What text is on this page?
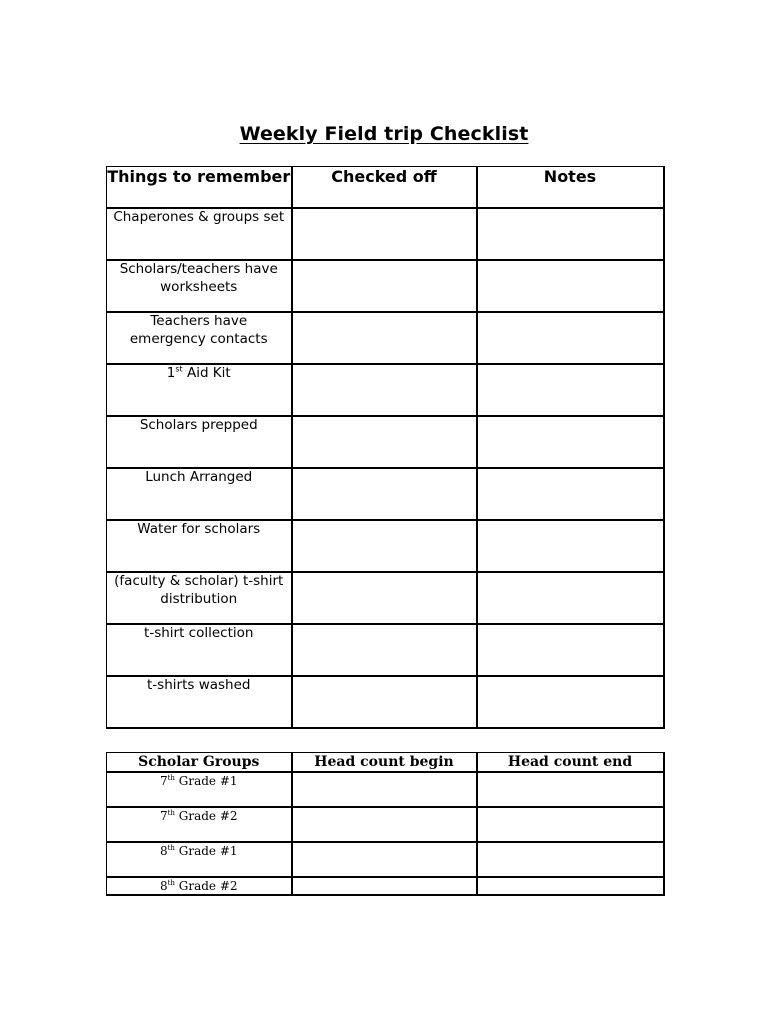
Weekly Field trip Checklist
Things to remember	Checked off	Notes
Chaperones & groups set		
Scholars/teachers have worksheets		
Teachers have emergency contacts		
1st Aid Kit		
Scholars prepped		
Lunch Arranged		
Water for scholars		
(faculty & scholar) t-shirt distribution		
t-shirt collection		
t-shirts washed		
Scholar Groups	Head count begin	Head count end
7th Grade #1		
7th Grade #2		
8th Grade #1		
8th Grade #2		
